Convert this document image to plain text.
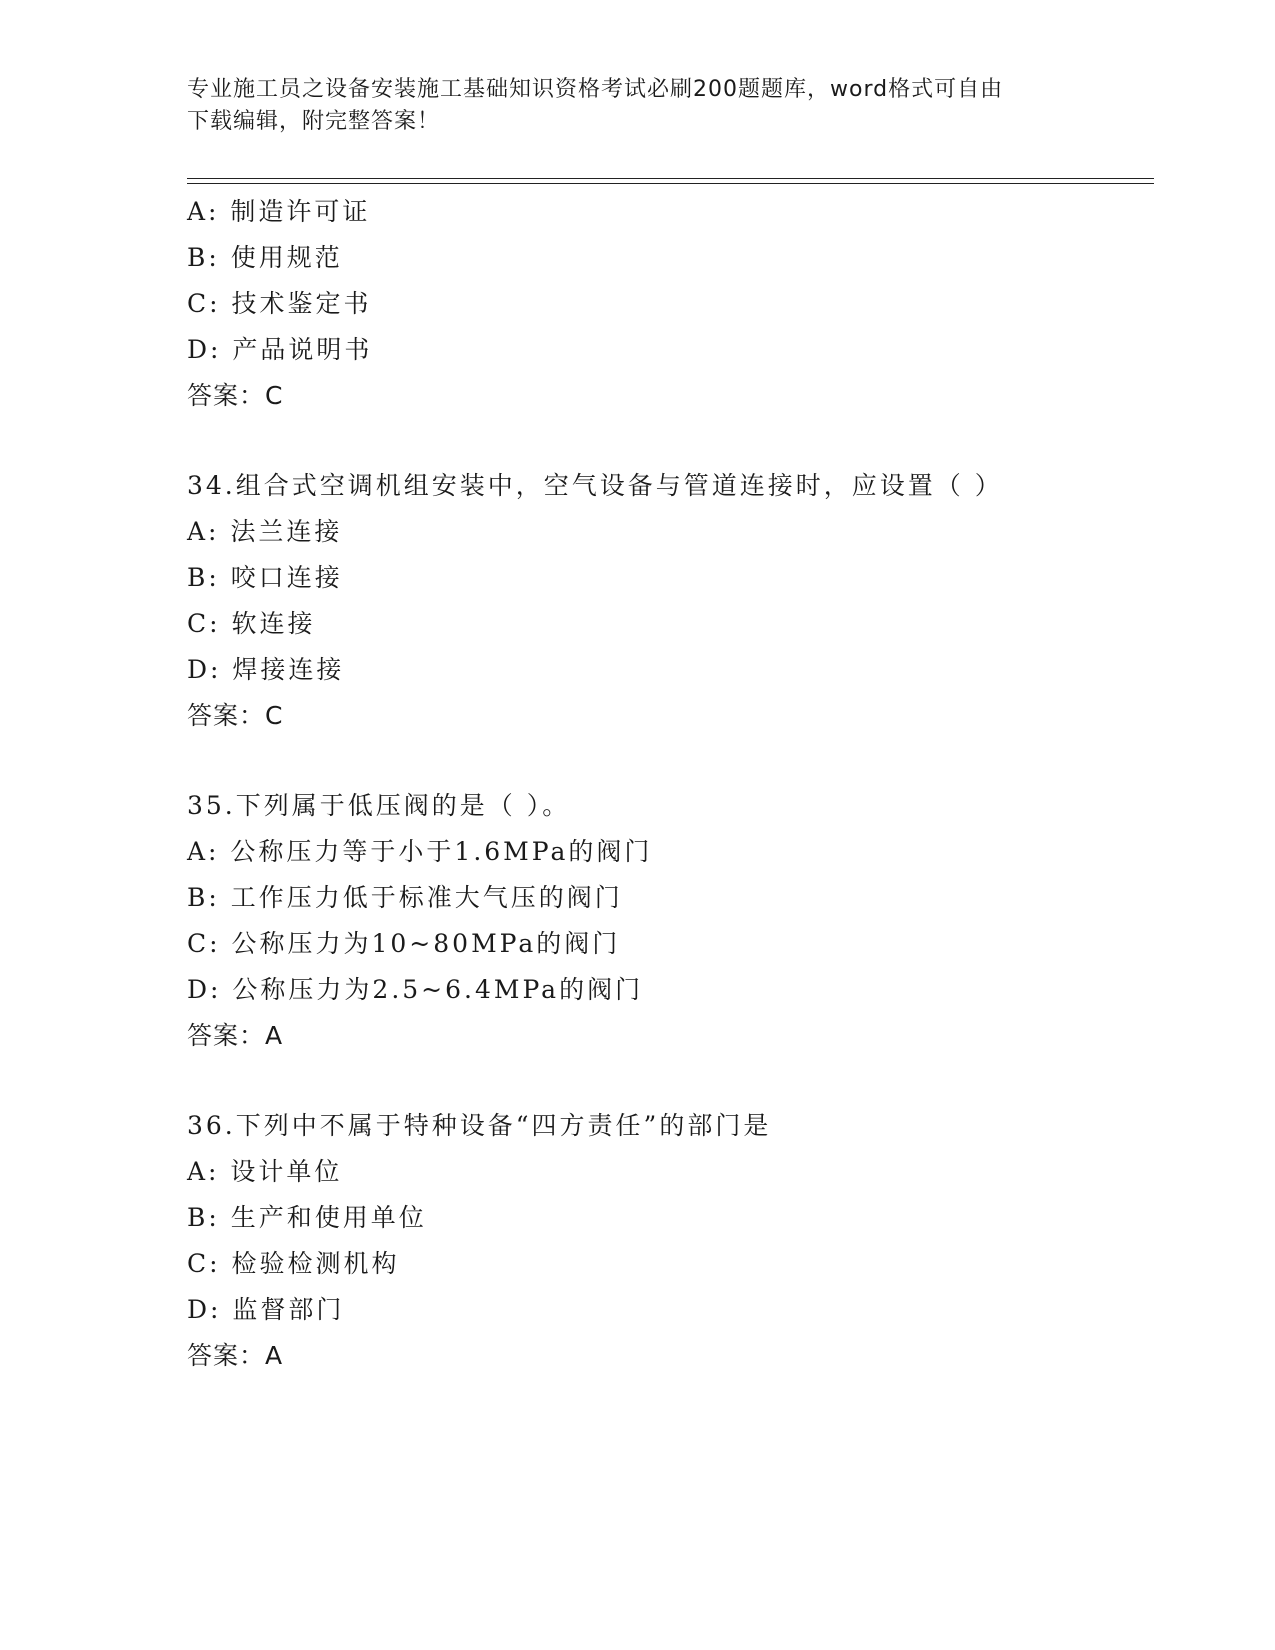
专业施工员之设备安装施工基础知识资格考试必刷200题题库，word格式可自由
下载编辑，附完整答案！
A: 制造许可证
B: 使用规范
C: 技术鉴定书
D: 产品说明书
答案：C
34.组合式空调机组安装中，空气设备与管道连接时，应设置（ ）
A: 法兰连接
B: 咬口连接
C: 软连接
D: 焊接连接
答案：C
35.下列属于低压阀的是（ ）。
A: 公称压力等于小于1.6MPa的阀门
B: 工作压力低于标准大气压的阀门
C: 公称压力为10~80MPa的阀门
D: 公称压力为2.5~6.4MPa的阀门
答案：A
36.下列中不属于特种设备“四方责任”的部门是
A: 设计单位
B: 生产和使用单位
C: 检验检测机构
D: 监督部门
答案：A
